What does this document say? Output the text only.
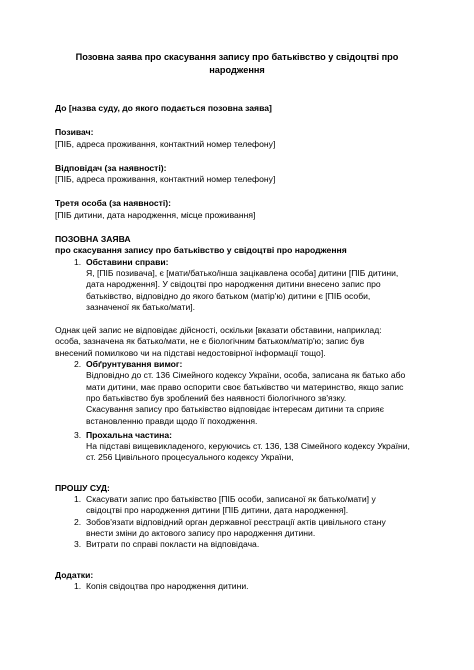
Позовна заява про скасування запису про батьківство у свідоцтві про народження

До [назва суду, до якого подається позовна заява]

Позивач:

[ПІБ, адреса проживання, контактний номер телефону]

Відповідач (за наявності):

[ПІБ, адреса проживання, контактний номер телефону]

Третя особа (за наявності):

[ПІБ дитини, дата народження, місце проживання]

ПОЗОВНА ЗАЯВА

про скасування запису про батьківство у свідоцтві про народження

1. Обставини справи:
Я, [ПІБ позивача], є [мати/батько/інша зацікавлена особа] дитини [ПІБ дитини,
дата народження]. У свідоцтві про народження дитини внесено запис про
батьківство, відповідно до якого батьком (матір'ю) дитини є [ПІБ особи,
зазначеної як батько/мати].
Однак цей запис не відповідає дійсності, оскільки [вказати обставини, наприклад:
особа, зазначена як батько/мати, не є біологічним батьком/матір'ю; запис був
внесений помилково чи на підставі недостовірної інформації тощо].
2. Обґрунтування вимог:
Відповідно до ст. 136 Сімейного кодексу України, особа, записана як батько або
мати дитини, має право оспорити своє батьківство чи материнство, якщо запис
про батьківство був зроблений без наявності біологічного зв'язку.
Скасування запису про батьківство відповідає інтересам дитини та сприяє
встановленню правди щодо її походження.
3. Прохальна частина:
На підставі вищевикладеного, керуючись ст. 136, 138 Сімейного кодексу України,
ст. 256 Цивільного процесуального кодексу України,

ПРОШУ СУД:

1. Скасувати запис про батьківство [ПІБ особи, записаної як батько/мати] у
свідоцтві про народження дитини [ПІБ дитини, дата народження].
2. Зобов'язати відповідний орган державної реєстрації актів цивільного стану
внести зміни до актового запису про народження дитини.
3. Витрати по справі покласти на відповідача.

Додатки:

1. Копія свідоцтва про народження дитини.
